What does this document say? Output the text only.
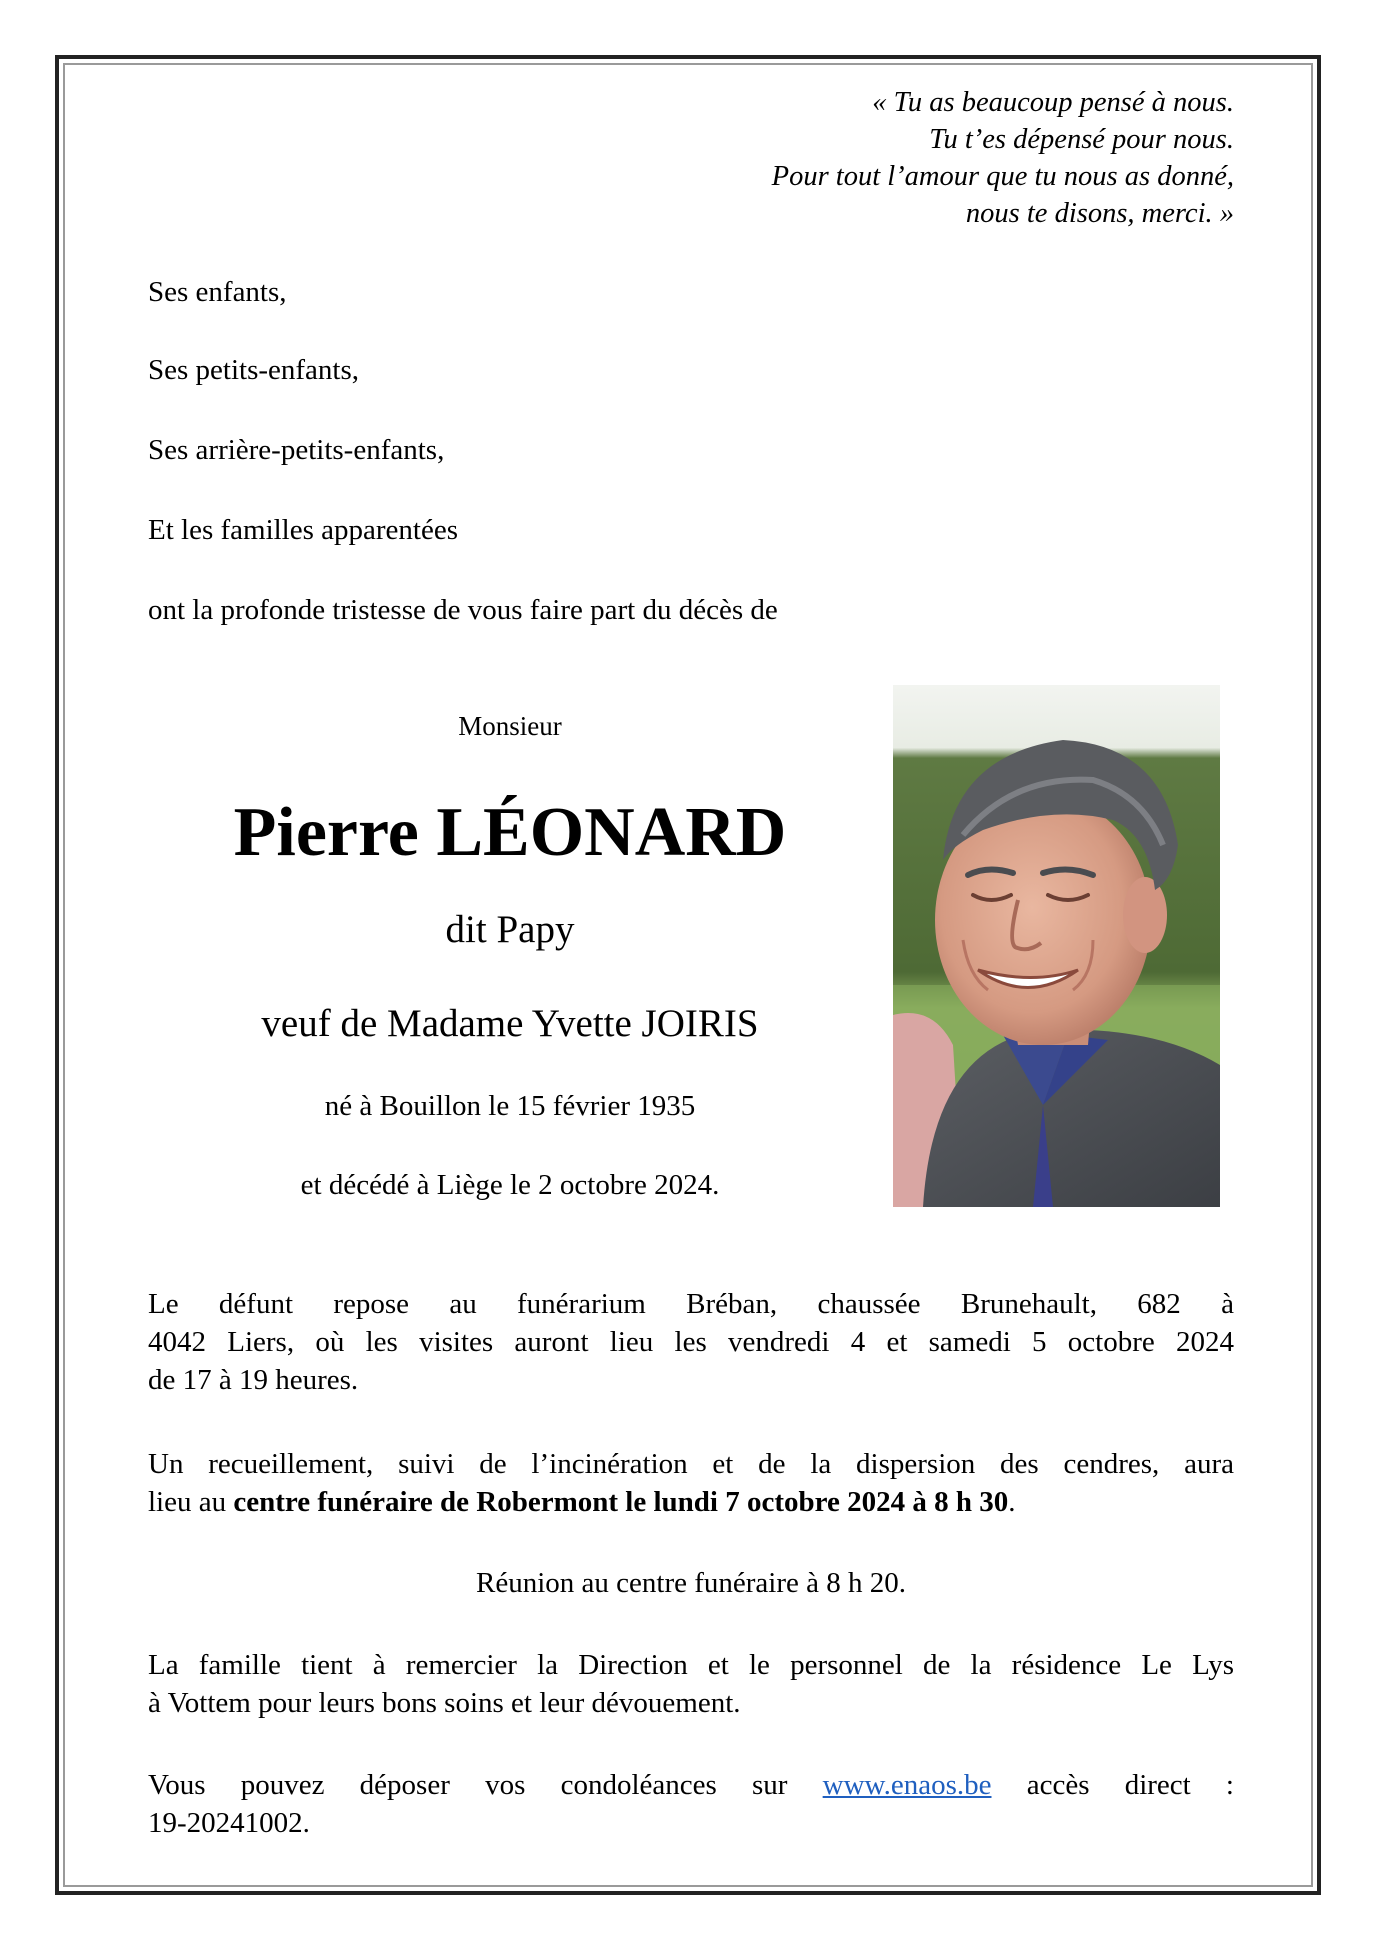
« Tu as beaucoup pensé à nous.
Tu t’es dépensé pour nous.
Pour tout l’amour que tu nous as donné,
nous te disons, merci. »
Ses enfants,
Ses petits-enfants,
Ses arrière-petits-enfants,
Et les familles apparentées
ont la profonde tristesse de vous faire part du décès de
Monsieur
Pierre LÉONARD
dit Papy
veuf de Madame Yvette JOIRIS
né à Bouillon le 15 février 1935
et décédé à Liège le 2 octobre 2024.
Le défunt repose au funérarium Bréban, chaussée Brunehault, 682 à
4042 Liers, où les visites auront lieu les vendredi 4 et samedi 5 octobre 2024
de 17 à 19 heures.
Un recueillement, suivi de l’incinération et de la dispersion des cendres, aura
lieu au centre funéraire de Robermont le lundi 7 octobre 2024 à 8 h 30.
Réunion au centre funéraire à 8 h 20.
La famille tient à remercier la Direction et le personnel de la résidence Le Lys
à Vottem pour leurs bons soins et leur dévouement.
Vous pouvez déposer vos condoléances sur www.enaos.be accès direct :
19-20241002.
